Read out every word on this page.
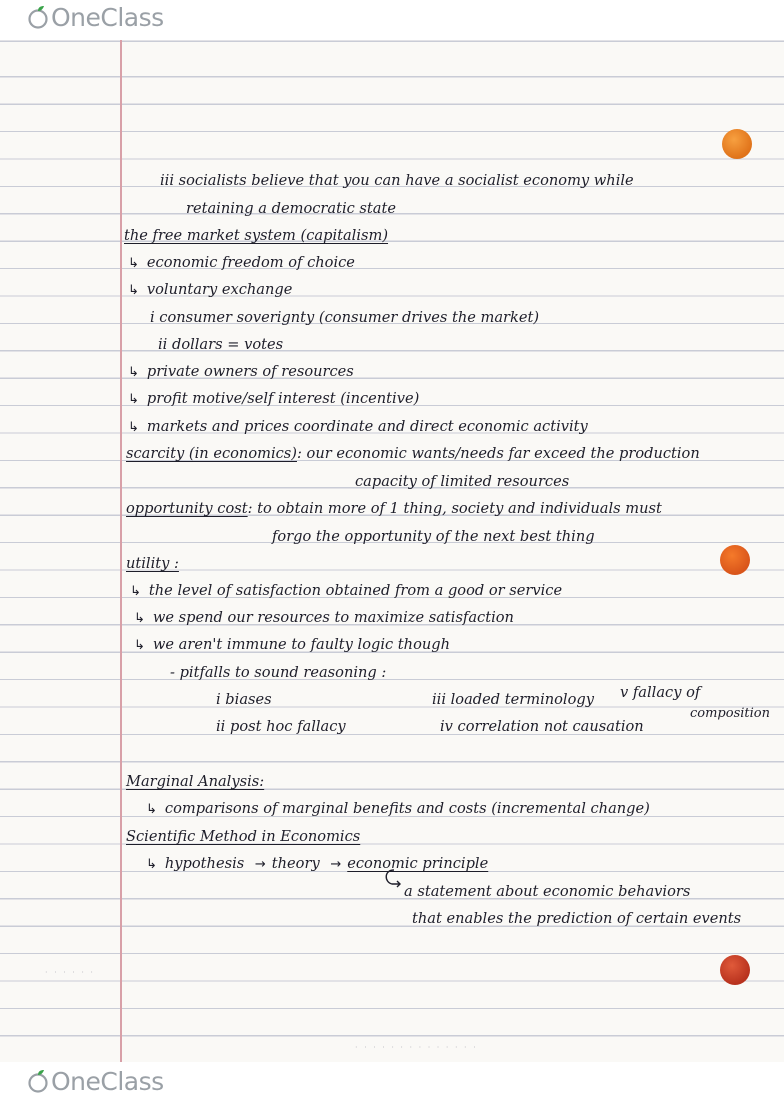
OneClass
iii socialists believe that you can have a socialist economy while
retaining a democratic state
the free market system (capitalism)
↳ economic freedom of choice
↳ voluntary exchange
i consumer soverignty (consumer drives the market)
ii dollars = votes
↳ private owners of resources
↳ profit motive/self interest (incentive)
↳ markets and prices coordinate and direct economic activity
scarcity (in economics): our economic wants/needs far exceed the production
capacity of limited resources
opportunity cost: to obtain more of 1 thing, society and individuals must
forgo the opportunity of the next best thing
utility :
↳ the level of satisfaction obtained from a good or service
↳ we spend our resources to maximize satisfaction
↳ we aren't immune to faulty logic though
- pitfalls to sound reasoning :
i biases	iii loaded terminology v fallacy of
composition
ii post hoc fallacy	iv correlation not causation
Marginal Analysis:
↳ comparisons of marginal benefits and costs (incremental change)
Scientific Method in Economics
↳ hypothesis → theory → economic principle
a statement about economic behaviors
that enables the prediction of certain events
· · · · · ·
· · · · · · · · · · · · · ·
OneClass
